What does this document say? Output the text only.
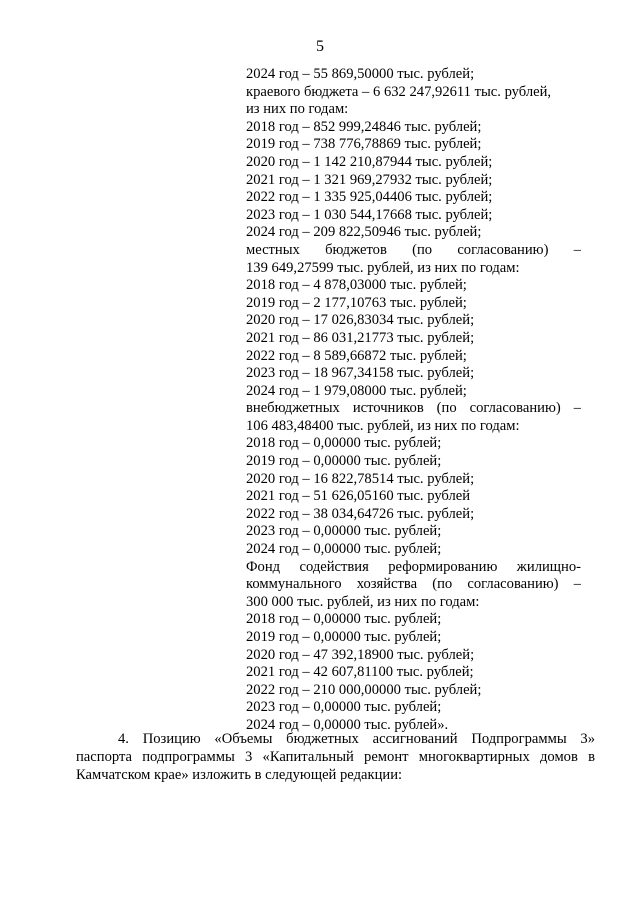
5
2024 год – 55 869,50000 тыс. рублей;
краевого бюджета – 6 632 247,92611 тыс. рублей,
из них по годам:
2018 год – 852 999,24846 тыс. рублей;
2019 год – 738 776,78869 тыс. рублей;
2020 год – 1 142 210,87944 тыс. рублей;
2021 год – 1 321 969,27932 тыс. рублей;
2022 год – 1 335 925,04406 тыс. рублей;
2023 год – 1 030 544,17668 тыс. рублей;
2024 год – 209 822,50946 тыс. рублей;
местных бюджетов (по согласованию) –
139 649,27599 тыс. рублей, из них по годам:
2018 год – 4 878,03000 тыс. рублей;
2019 год – 2 177,10763 тыс. рублей;
2020 год – 17 026,83034 тыс. рублей;
2021 год – 86 031,21773 тыс. рублей;
2022 год – 8 589,66872 тыс. рублей;
2023 год – 18 967,34158 тыс. рублей;
2024 год – 1 979,08000 тыс. рублей;
внебюджетных источников (по согласованию) –
106 483,48400 тыс. рублей, из них по годам:
2018 год – 0,00000 тыс. рублей;
2019 год – 0,00000 тыс. рублей;
2020 год – 16 822,78514 тыс. рублей;
2021 год – 51 626,05160 тыс. рублей
2022 год – 38 034,64726 тыс. рублей;
2023 год – 0,00000 тыс. рублей;
2024 год – 0,00000 тыс. рублей;
Фонд содействия реформированию жилищно-
коммунального хозяйства (по согласованию) –
300 000 тыс. рублей, из них по годам:
2018 год – 0,00000 тыс. рублей;
2019 год – 0,00000 тыс. рублей;
2020 год – 47 392,18900 тыс. рублей;
2021 год – 42 607,81100 тыс. рублей;
2022 год – 210 000,00000 тыс. рублей;
2023 год – 0,00000 тыс. рублей;
2024 год – 0,00000 тыс. рублей».
4. Позицию «Объемы бюджетных ассигнований Подпрограммы 3»
паспорта подпрограммы 3 «Капитальный ремонт многоквартирных домов в
Камчатском крае» изложить в следующей редакции:
